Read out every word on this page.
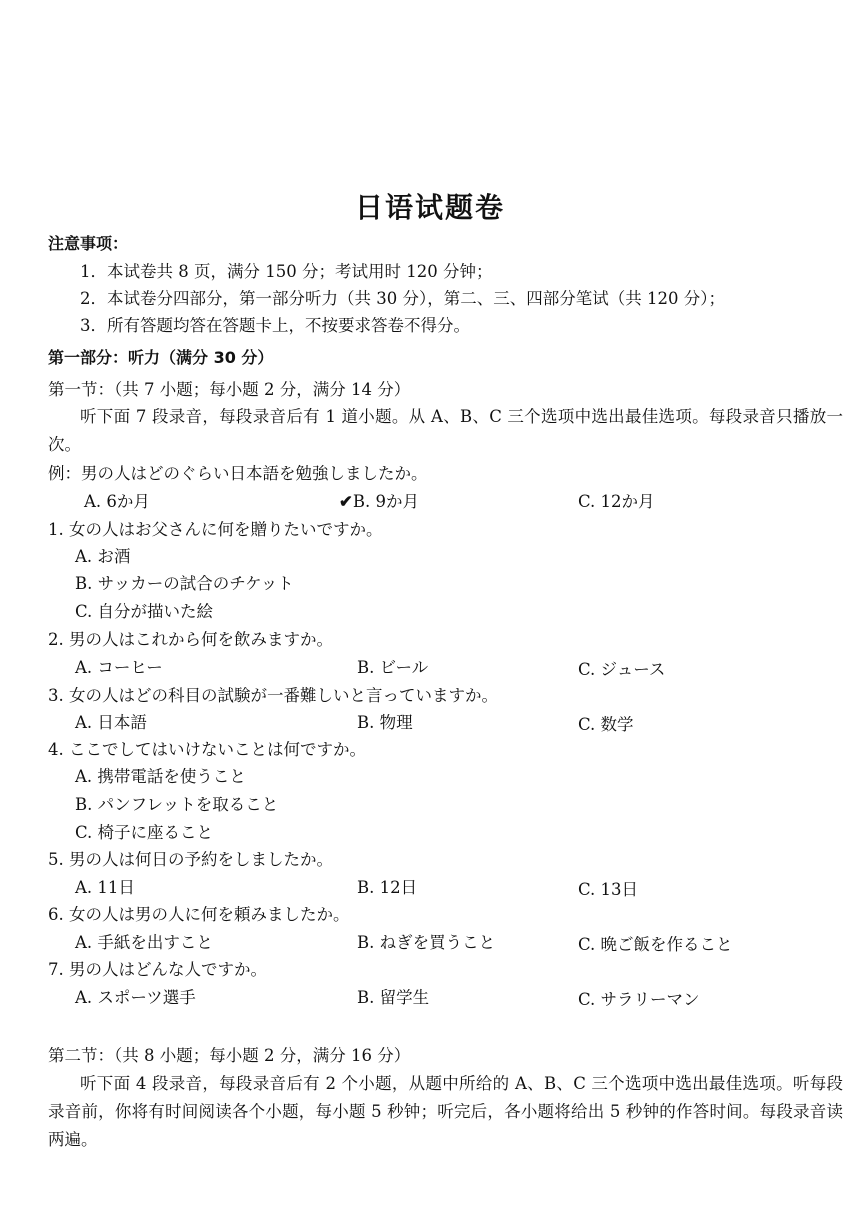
日语试题卷
注意事项：
1．本试卷共 8 页，满分 150 分；考试用时 120 分钟；
2．本试卷分四部分，第一部分听力（共 30 分），第二、三、四部分笔试（共 120 分）；
3．所有答题均答在答题卡上，不按要求答卷不得分。
第一部分：听力（满分 30 分）
第一节：（共 7 小题；每小题 2 分，满分 14 分）
听下面 7 段录音，每段录音后有 1 道小题。从 A、B、C 三个选项中选出最佳选项。每段录音只播放一次。
例：男の人はどのぐらい日本語を勉強しましたか。
A. 6か月	✔B. 9か月	C. 12か月
1. 女の人はお父さんに何を贈りたいですか。
A. お酒
B. サッカーの試合のチケット
C. 自分が描いた絵
2. 男の人はこれから何を飲みますか。
A. コーヒー	B. ビール	C. ジュース
3. 女の人はどの科目の試験が一番難しいと言っていますか。
A. 日本語	B. 物理	C. 数学
4. ここでしてはいけないことは何ですか。
A. 携帯電話を使うこと
B. パンフレットを取ること
C. 椅子に座ること
5. 男の人は何日の予約をしましたか。
A. 11日	B. 12日	C. 13日
6. 女の人は男の人に何を頼みましたか。
A. 手紙を出すこと	B. ねぎを買うこと	C. 晩ご飯を作ること
7. 男の人はどんな人ですか。
A. スポーツ選手	B. 留学生	C. サラリーマン
第二节：（共 8 小题；每小题 2 分，满分 16 分）
听下面 4 段录音，每段录音后有 2 个小题，从题中所给的 A、B、C 三个选项中选出最佳选项。听每段录音前，你将有时间阅读各个小题，每小题 5 秒钟；听完后，各小题将给出 5 秒钟的作答时间。每段录音读两遍。
